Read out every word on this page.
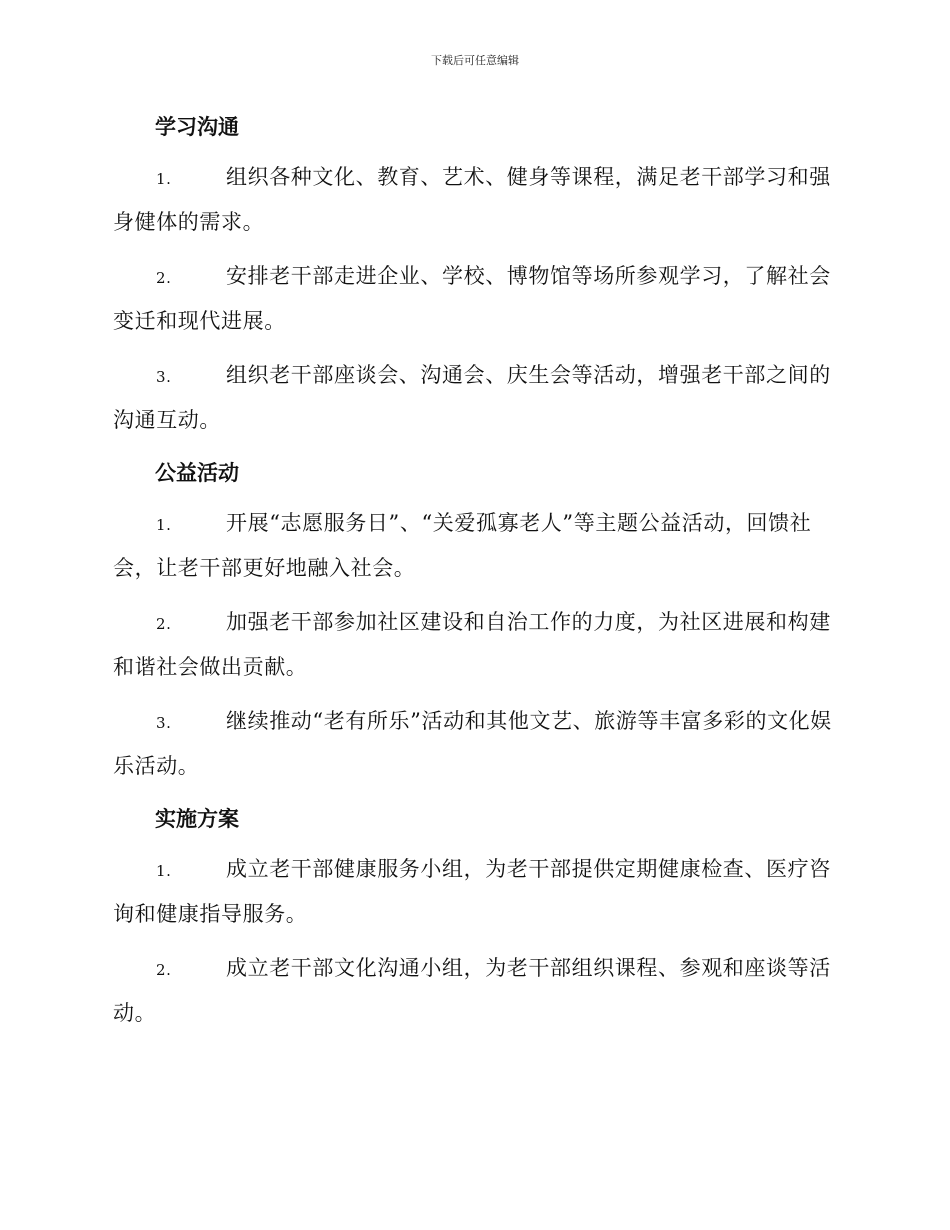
下载后可任意编辑
学习沟通
1.	组织各种文化、教育、艺术、健身等课程，满足老干部学习和强身健体的需求。
2.	安排老干部走进企业、学校、博物馆等场所参观学习，了解社会变迁和现代进展。
3.	组织老干部座谈会、沟通会、庆生会等活动，增强老干部之间的沟通互动。
公益活动
1.	开展“志愿服务日”、“关爱孤寡老人”等主题公益活动，回馈社会，让老干部更好地融入社会。
2.	加强老干部参加社区建设和自治工作的力度，为社区进展和构建和谐社会做出贡献。
3.	继续推动“老有所乐”活动和其他文艺、旅游等丰富多彩的文化娱乐活动。
实施方案
1.	成立老干部健康服务小组，为老干部提供定期健康检查、医疗咨询和健康指导服务。
2.	成立老干部文化沟通小组，为老干部组织课程、参观和座谈等活动。
